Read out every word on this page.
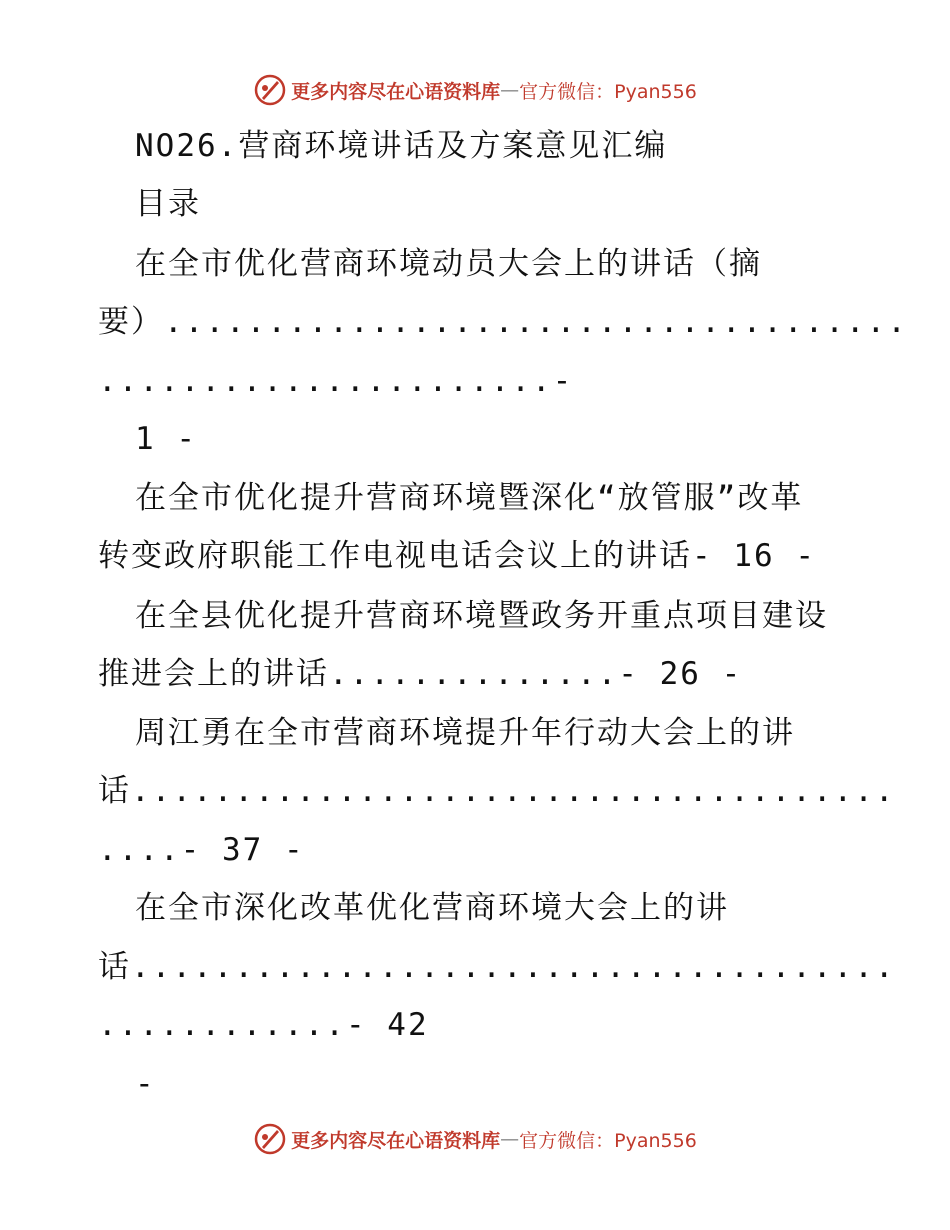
更多内容尽在心语资料库 — 官方微信：Pyan556
NO26.营商环境讲话及方案意见汇编
目录
在全市优化营商环境动员大会上的讲话（摘
要）....................................
......................-
1 -
在全市优化提升营商环境暨深化“放管服”改革
转变政府职能工作电视电话会议上的讲话- 16 -
在全县优化提升营商环境暨政务开重点项目建设
推进会上的讲话..............- 26 -
周江勇在全市营商环境提升年行动大会上的讲
话.....................................
....- 37 -
在全市深化改革优化营商环境大会上的讲
话.....................................
............- 42
-
更多内容尽在心语资料库 — 官方微信：Pyan556
